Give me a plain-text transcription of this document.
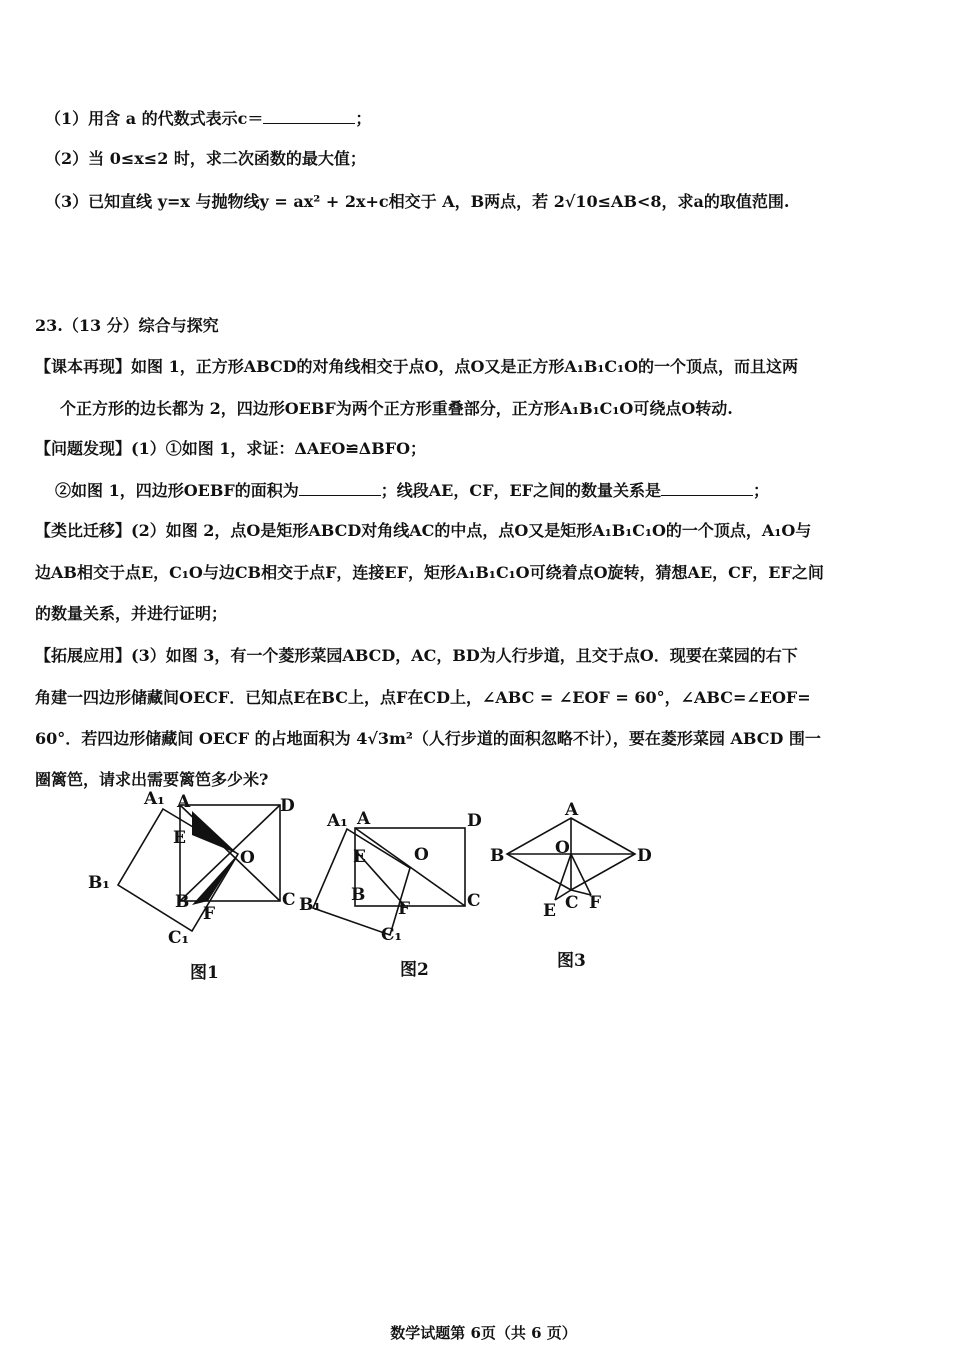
（1）用含 a 的代数式表示c＝	；
（2）当 0≤x≤2 时，求二次函数的最大值；
（3）已知直线 y=x 与抛物线y = ax² + 2x+c相交于 A，B两点，若 2√10≤AB<8，求a的取值范围.
23.（13 分）综合与探究
【课本再现】如图 1，正方形ABCD的对角线相交于点O，点O又是正方形A₁B₁C₁O的一个顶点，而且这两
个正方形的边长都为 2，四边形OEBF为两个正方形重叠部分，正方形A₁B₁C₁O可绕点O转动.
【问题发现】(1）①如图 1，求证：ΔAEO≌ΔBFO；
②如图 1，四边形OEBF的面积为	；线段AE，CF，EF之间的数量关系是	；
【类比迁移】(2）如图 2，点O是矩形ABCD对角线AC的中点，点O又是矩形A₁B₁C₁O的一个顶点，A₁O与
边AB相交于点E，C₁O与边CB相交于点F，连接EF，矩形A₁B₁C₁O可绕着点O旋转，猜想AE，CF，EF之间
的数量关系，并进行证明；
【拓展应用】(3）如图 3，有一个菱形菜园ABCD，AC，BD为人行步道，且交于点O．现要在菜园的右下
角建一四边形储藏间OECF．已知点E在BC上，点F在CD上，∠ABC = ∠EOF = 60°，∠ABC=∠EOF=
60°．若四边形储藏间 OECF 的占地面积为 4√3m²（人行步道的面积忽略不计），要在菱形菜园 ABCD 围一
圈篱笆，请求出需要篱笆多少米?
A₁ A	D
E
O
B₁
B	C
F
C₁
图1
A₁ A	D
E	O
B	C
B₁	F
C₁
图2
A
B	O	D
E C F
图3
数学试题第 6页（共 6 页）
